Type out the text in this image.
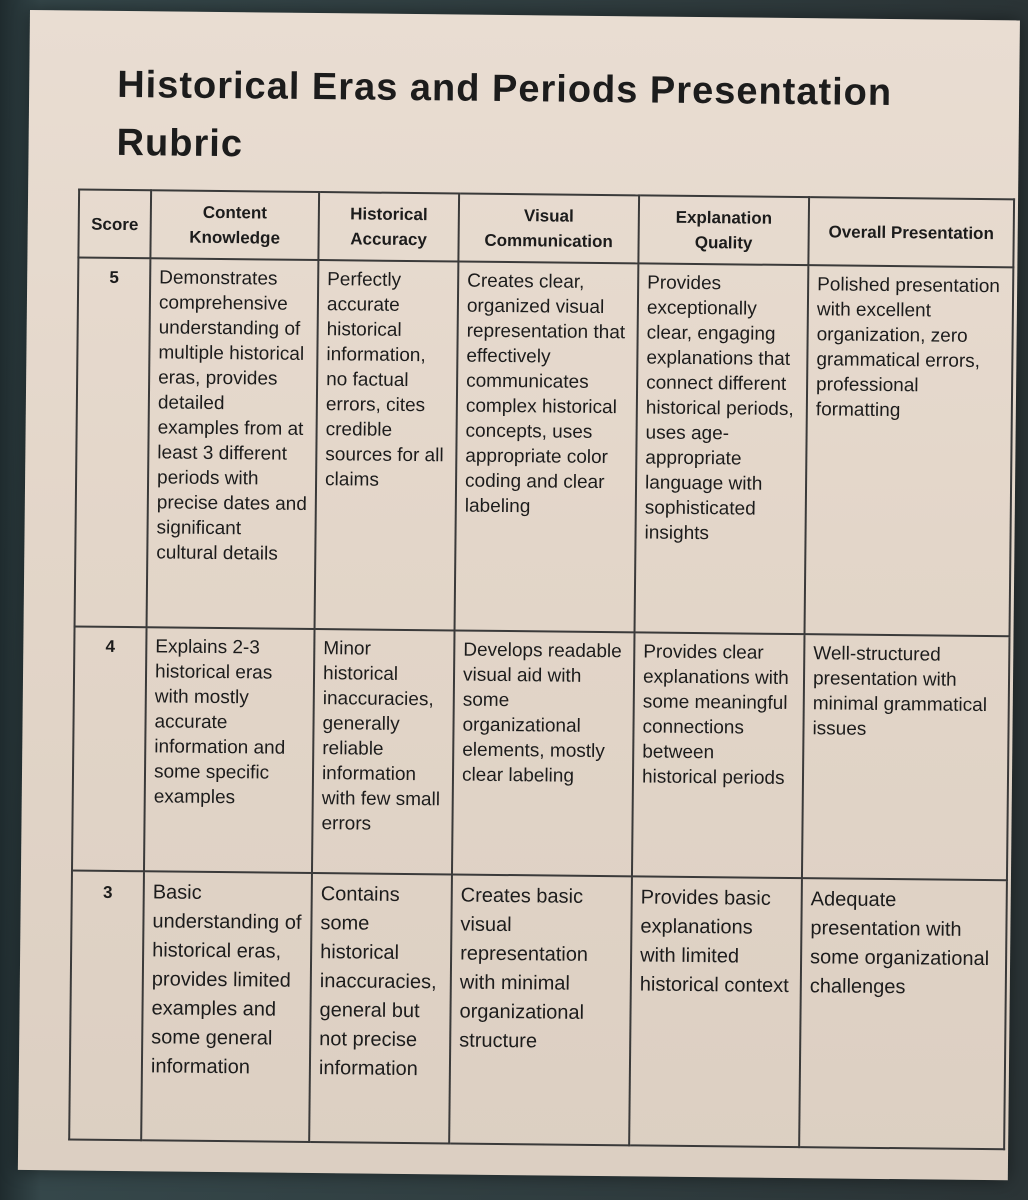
Historical Eras and Periods Presentation Rubric
Score	Content Knowledge	Historical Accuracy	Visual Communication	Explanation Quality	Overall Presentation
5	Demonstrates comprehensive understanding of multiple historical eras, provides detailed examples from at least 3 different periods with precise dates and significant cultural details	Perfectly accurate historical information, no factual errors, cites credible sources for all claims	Creates clear, organized visual representation that effectively communicates complex historical concepts, uses appropriate color coding and clear labeling	Provides exceptionally clear, engaging explanations that connect different historical periods, uses age-appropriate language with sophisticated insights	Polished presentation with excellent organization, zero grammatical errors, professional formatting
4	Explains 2-3 historical eras with mostly accurate information and some specific examples	Minor historical inaccuracies, generally reliable information with few small errors	Develops readable visual aid with some organizational elements, mostly clear labeling	Provides clear explanations with some meaningful connections between historical periods	Well-structured presentation with minimal grammatical issues
3	Basic understanding of historical eras, provides limited examples and some general information	Contains some historical inaccuracies, general but not precise information	Creates basic visual representation with minimal organizational structure	Provides basic explanations with limited historical context	Adequate presentation with some organizational challenges
